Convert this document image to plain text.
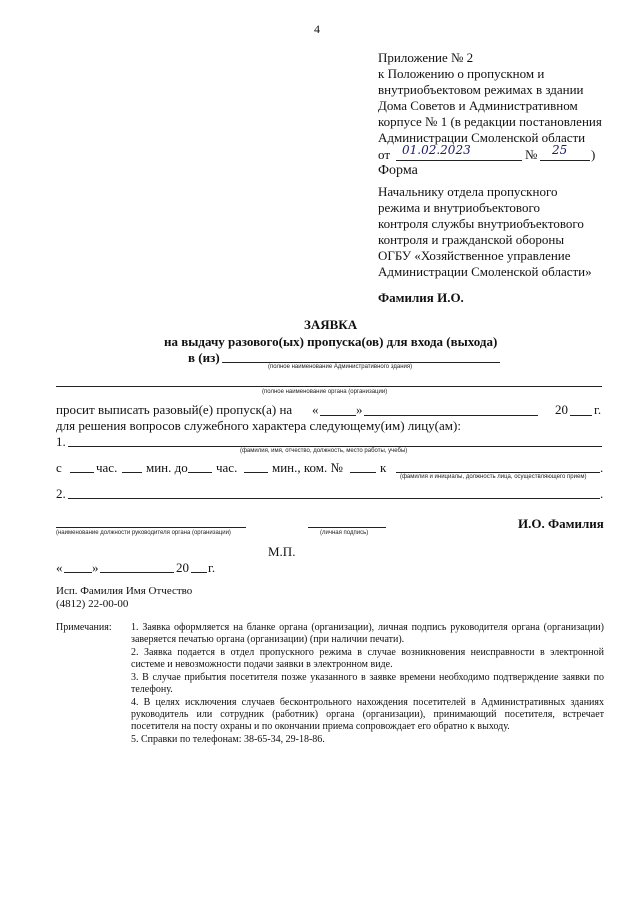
4
Приложение № 2
к Положению о пропускном и
внутриобъектовом режимах в здании
Дома Советов и Административном
корпусе № 1 (в редакции постановления
Администрации Смоленской области
от 01.02.2023	№ 25 )
Форма
Начальнику отдела пропускного
режима и внутриобъектового
контроля службы внутриобъектового
контроля и гражданской обороны
ОГБУ «Хозяйственное управление
Администрации Смоленской области»
Фамилия И.О.
ЗАЯВКА
на выдачу разового(ых) пропуска(ов) для входа (выхода)
в (из)
(полное наименование Административного здания)
(полное наименование органа (организации)
просит выписать разовый(е) пропуск(а) на «	»	20 г.
для решения вопросов служебного характера следующему(им) лицу(ам):
1.
(фамилия, имя, отчество, должность, место работы, учебы)
с	час. мин. до час.	мин., ком. №	к	.
(фамилия и инициалы, должность лица, осуществляющего прием)
2.	.
(наименование должности руководителя органа (организации)	(личная подпись)
И.О. Фамилия
М.П.
« »	20 г.
Исп. Фамилия Имя Отчество
(4812) 22-00-00
Примечания: 1. Заявка оформляется на бланке органа (организации), личная подпись руководителя органа (организации) заверяется печатью органа (организации) (при наличии печати).
2. Заявка подается в отдел пропускного режима в случае возникновения неисправности в электронной системе и невозможности подачи заявки в электронном виде.
3. В случае прибытия посетителя позже указанного в заявке времени необходимо подтверждение заявки по телефону.
4. В целях исключения случаев бесконтрольного нахождения посетителей в Административных зданиях руководитель или сотрудник (работник) органа (организации), принимающий посетителя, встречает посетителя на посту охраны и по окончании приема сопровождает его обратно к выходу.
5. Справки по телефонам: 38-65-34, 29-18-86.
